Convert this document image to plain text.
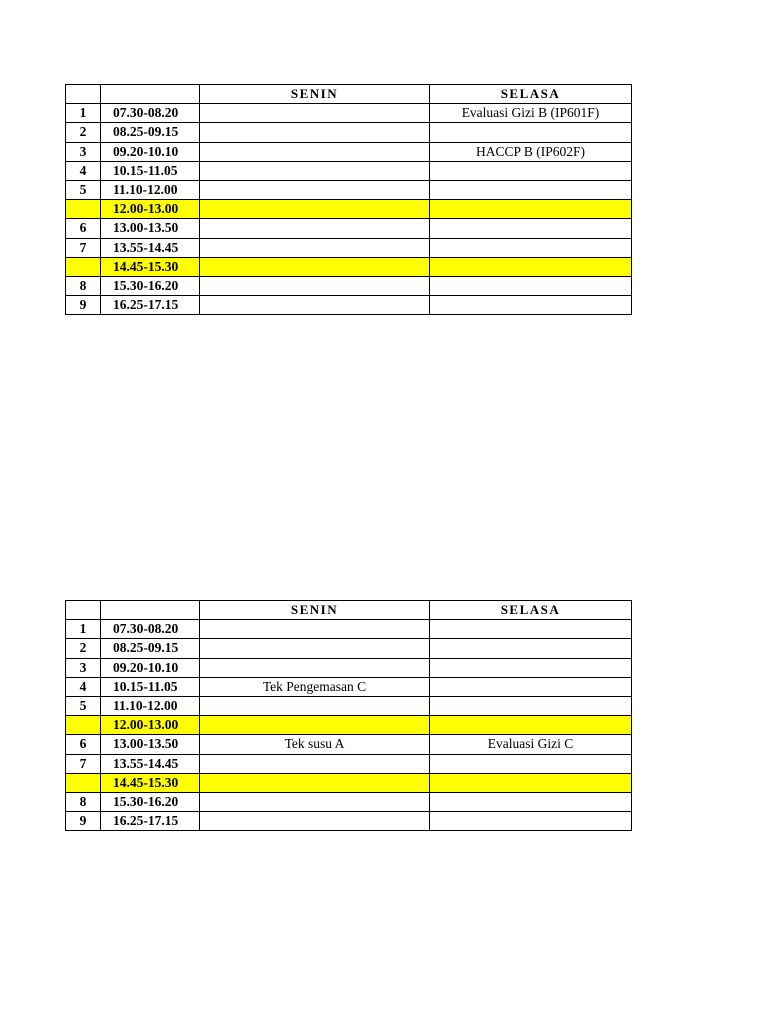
		SENIN	SELASA
1	07.30-08.20		Evaluasi Gizi B (IP601F)
2	08.25-09.15		
3	09.20-10.10		HACCP B (IP602F)
4	10.15-11.05		
5	11.10-12.00		
	12.00-13.00		
6	13.00-13.50		
7	13.55-14.45		
	14.45-15.30		
8	15.30-16.20		
9	16.25-17.15		
		SENIN	SELASA
1	07.30-08.20		
2	08.25-09.15		
3	09.20-10.10		
4	10.15-11.05	Tek Pengemasan C	
5	11.10-12.00		
	12.00-13.00		
6	13.00-13.50	Tek susu A	Evaluasi Gizi C
7	13.55-14.45		
	14.45-15.30		
8	15.30-16.20		
9	16.25-17.15		
